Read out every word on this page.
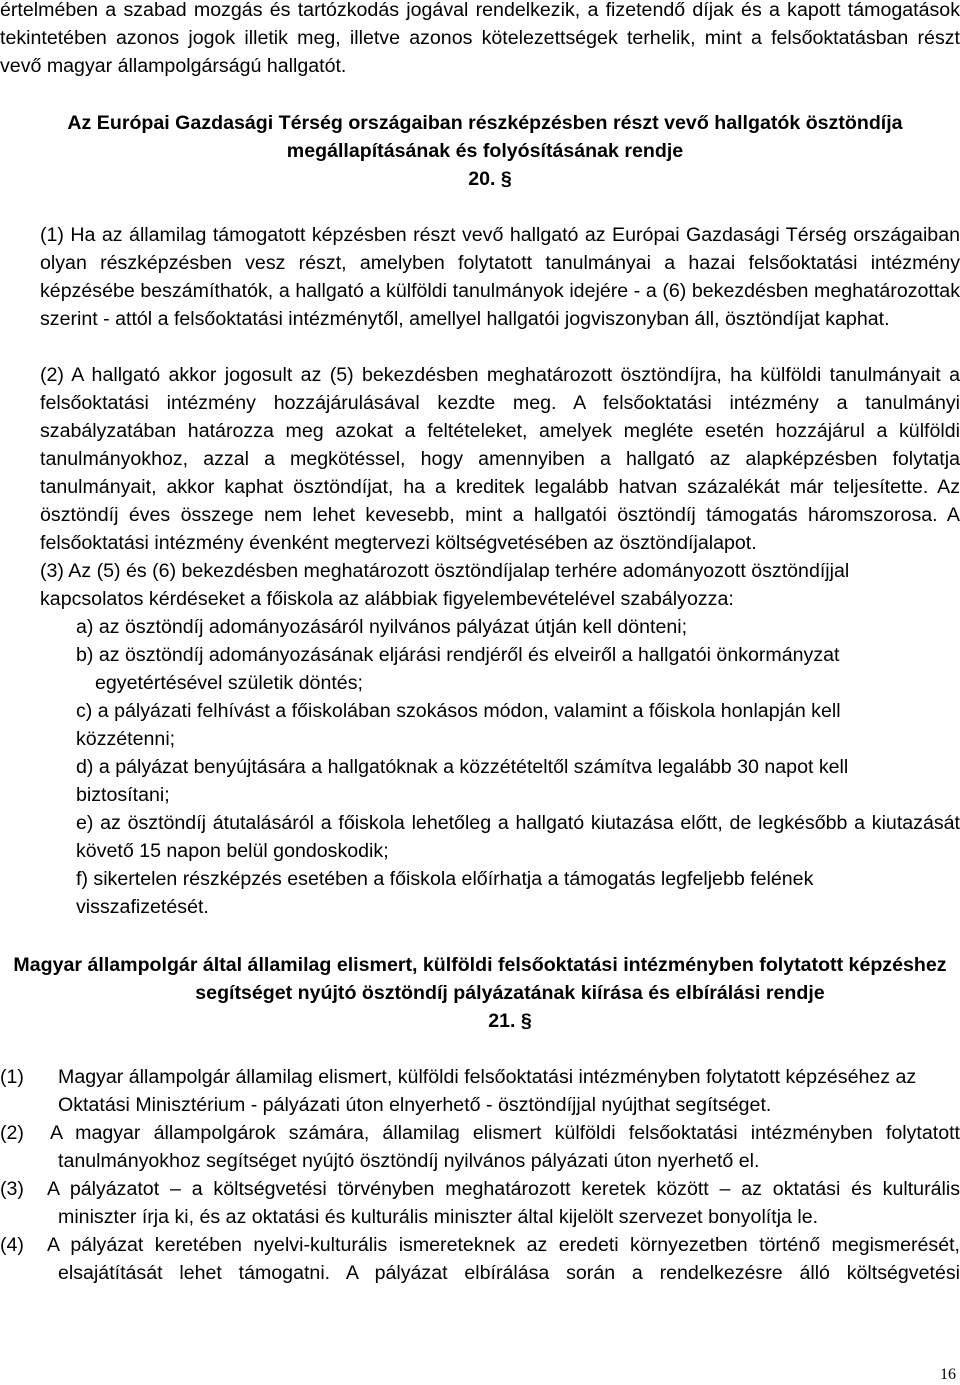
értelmében a szabad mozgás és tartózkodás jogával rendelkezik, a fizetendő díjak és a kapott támogatások
tekintetében azonos jogok illetik meg, illetve azonos kötelezettségek terhelik, mint a felsőoktatásban részt
vevő magyar állampolgárságú hallgatót.
Az Európai Gazdasági Térség országaiban részképzésben részt vevő hallgatók ösztöndíja
megállapításának és folyósításának rendje
20. §
(1) Ha az államilag támogatott képzésben részt vevő hallgató az Európai Gazdasági Térség országaiban olyan részképzésben vesz részt, amelyben folytatott tanulmányai a hazai felsőoktatási intézmény képzésébe beszámíthatók, a hallgató a külföldi tanulmányok idejére - a (6) bekezdésben meghatározottak szerint - attól a felsőoktatási intézménytől, amellyel hallgatói jogviszonyban áll, ösztöndíjat kaphat.
(2) A hallgató akkor jogosult az (5) bekezdésben meghatározott ösztöndíjra, ha külföldi tanulmányait a felsőoktatási intézmény hozzájárulásával kezdte meg. A felsőoktatási intézmény a tanulmányi szabályzatában határozza meg azokat a feltételeket, amelyek megléte esetén hozzájárul a külföldi tanulmányokhoz, azzal a megkötéssel, hogy amennyiben a hallgató az alapképzésben folytatja tanulmányait, akkor kaphat ösztöndíjat, ha a kreditek legalább hatvan százalékát már teljesítette. Az ösztöndíj éves összege nem lehet kevesebb, mint a hallgatói ösztöndíj támogatás háromszorosa. A felsőoktatási intézmény évenként megtervezi költségvetésében az ösztöndíjalapot.
(3) Az (5) és (6) bekezdésben meghatározott ösztöndíjalap terhére adományozott ösztöndíjjal
kapcsolatos kérdéseket a főiskola az alábbiak figyelembevételével szabályozza:
a) az ösztöndíj adományozásáról nyilvános pályázat útján kell dönteni;
b) az ösztöndíj adományozásának eljárási rendjéről és elveiről a hallgatói önkormányzat
egyetértésével születik döntés;
c) a pályázati felhívást a főiskolában szokásos módon, valamint a főiskola honlapján kell
közzétenni;
d) a pályázat benyújtására a hallgatóknak a közzétételtől számítva legalább 30 napot kell
biztosítani;
e) az ösztöndíj átutalásáról a főiskola lehetőleg a hallgató kiutazása előtt, de legkésőbb a kiutazását
követő 15 napon belül gondoskodik;
f) sikertelen részképzés esetében a főiskola előírhatja a támogatás legfeljebb felének
visszafizetését.
Magyar állampolgár által államilag elismert, külföldi felsőoktatási intézményben folytatott képzéshez
segítséget nyújtó ösztöndíj pályázatának kiírása és elbírálási rendje
21. §
(1) Magyar állampolgár államilag elismert, külföldi felsőoktatási intézményben folytatott képzéséhez az
Oktatási Minisztérium - pályázati úton elnyerhető - ösztöndíjjal nyújthat segítséget.
(2) A magyar állampolgárok számára, államilag elismert külföldi felsőoktatási intézményben folytatott
tanulmányokhoz segítséget nyújtó ösztöndíj nyilvános pályázati úton nyerhető el.
(3) A pályázatot – a költségvetési törvényben meghatározott keretek között – az oktatási és kulturális
miniszter írja ki, és az oktatási és kulturális miniszter által kijelölt szervezet bonyolítja le.
(4) A pályázat keretében nyelvi-kulturális ismereteknek az eredeti környezetben történő megismerését,
elsajátítását lehet támogatni. A pályázat elbírálása során a rendelkezésre álló költségvetési
16
